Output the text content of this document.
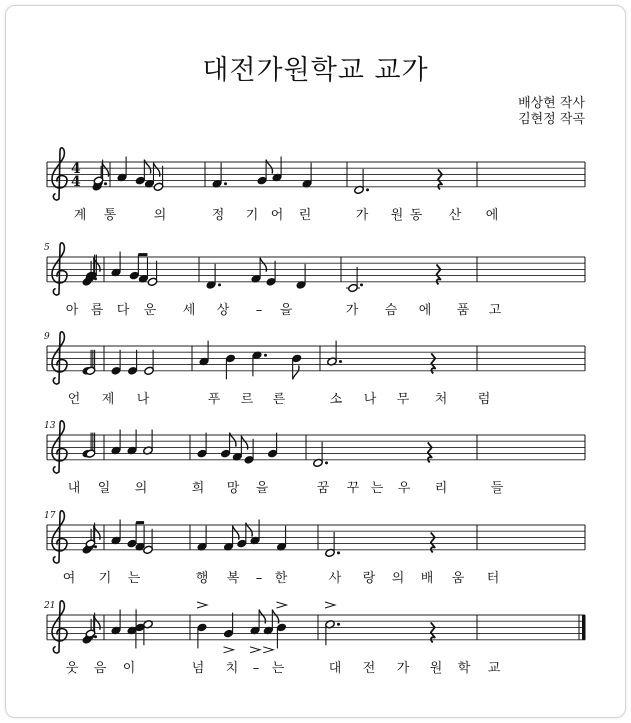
대전가원학교 교가
배상현 작사
김현정 작곡
4
4
계 통	의	정 기 어 린	가 원 동 산 에
5
아 름 다 운 세 상 – 을	가 슴 에 품 고
9
언 제 나	푸 르 른	소 나 무 처 럼
13
내 일 의	희 망 을	꿈 꾸 는 우 리	들
17
여 기 는	행 복 – 한	사 랑 의 배 움 터
21
웃 음 이	넘 치 – 는	대 전 가 원 학 교
